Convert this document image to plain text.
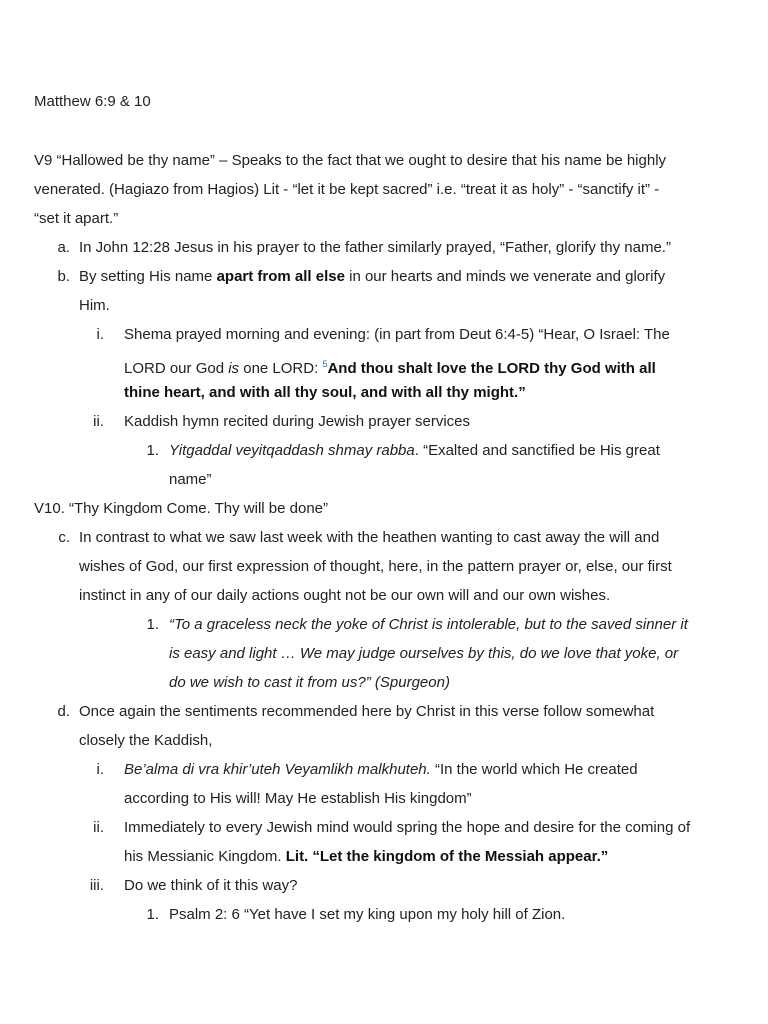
Matthew 6:9 & 10
V9 “Hallowed be thy name” – Speaks to the fact that we ought to desire that his name be highly
venerated. (Hagiazo from Hagios) Lit - “let it be kept sacred” i.e. “treat it as holy” - “sanctify it” -
“set it apart.”
a. In John 12:28 Jesus in his prayer to the father similarly prayed, “Father, glorify thy name.”
b. By setting His name apart from all else in our hearts and minds we venerate and glorify
Him.
i. Shema prayed morning and evening: (in part from Deut 6:4-5) “Hear, O Israel: The
LORD our God is one LORD: $^5$And thou shalt love the LORD thy God with all
thine heart, and with all thy soul, and with all thy might.”
ii. Kaddish hymn recited during Jewish prayer services
1. Yitgaddal veyitqaddash shmay rabba. “Exalted and sanctified be His great
name”
V10. “Thy Kingdom Come. Thy will be done”
c. In contrast to what we saw last week with the heathen wanting to cast away the will and
wishes of God, our first expression of thought, here, in the pattern prayer or, else, our first
instinct in any of our daily actions ought not be our own will and our own wishes.
1. “To a graceless neck the yoke of Christ is intolerable, but to the saved sinner it
is easy and light … We may judge ourselves by this, do we love that yoke, or
do we wish to cast it from us?” (Spurgeon)
d. Once again the sentiments recommended here by Christ in this verse follow somewhat
closely the Kaddish,
i. Be’alma di vra khir’uteh Veyamlikh malkhuteh. “In the world which He created
according to His will! May He establish His kingdom”
ii. Immediately to every Jewish mind would spring the hope and desire for the coming of
his Messianic Kingdom. Lit. “Let the kingdom of the Messiah appear.”
iii. Do we think of it this way?
1. Psalm 2: 6 “Yet have I set my king upon my holy hill of Zion.
